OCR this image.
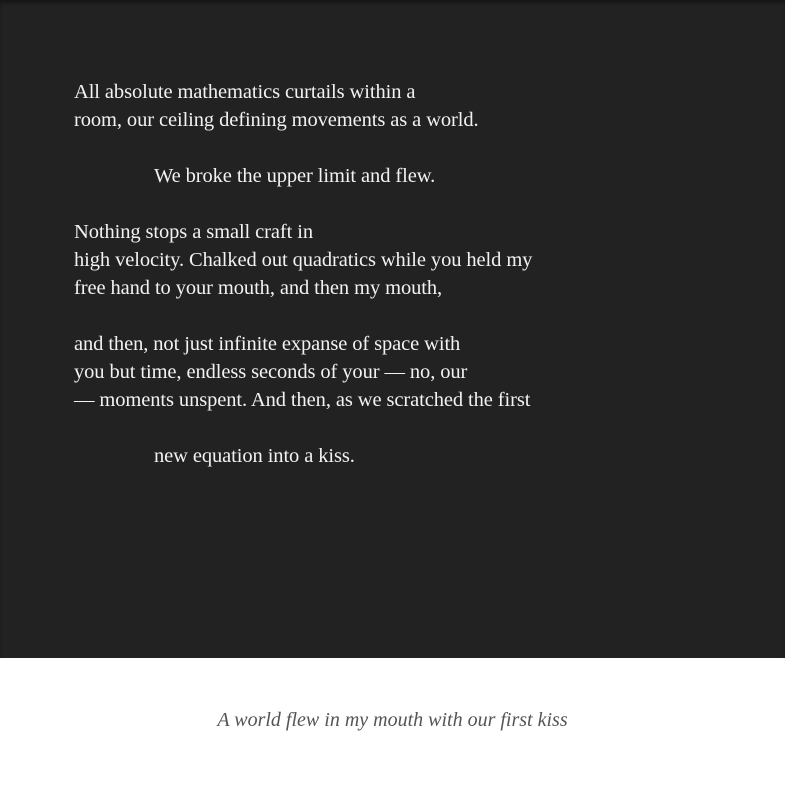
All absolute mathematics curtails within a
room, our ceiling defining movements as a world.
We broke the upper limit and flew.
Nothing stops a small craft in
high velocity. Chalked out quadratics while you held my
free hand to your mouth, and then my mouth,
and then, not just infinite expanse of space with
you but time, endless seconds of your — no, our
— moments unspent. And then, as we scratched the first
new equation into a kiss.
A world flew in my mouth with our first kiss
